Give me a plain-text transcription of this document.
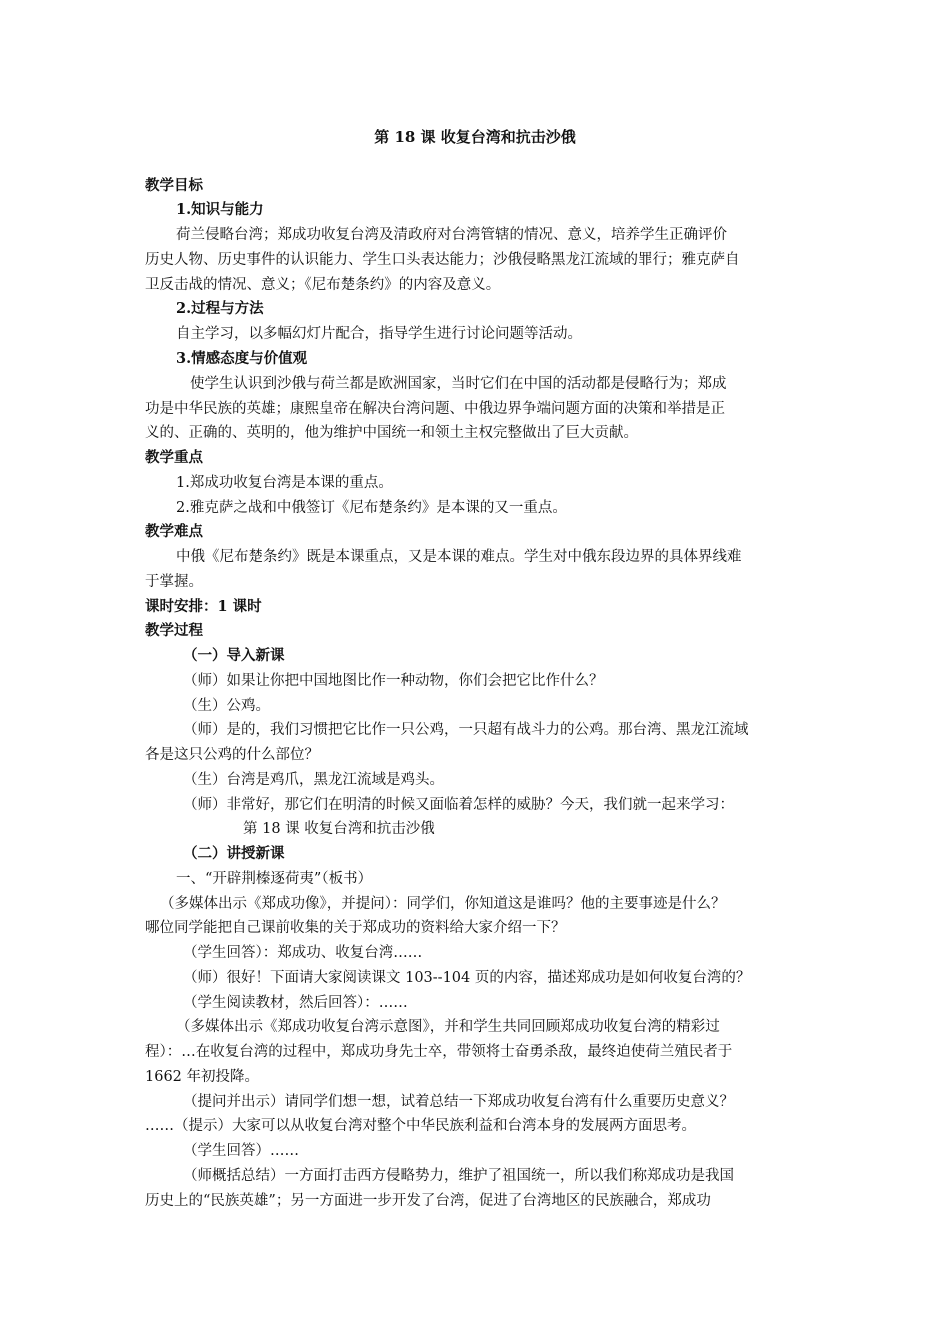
第 18 课 收复台湾和抗击沙俄
教学目标
1.知识与能力
荷兰侵略台湾；郑成功收复台湾及清政府对台湾管辖的情况、意义，培养学生正确评价
历史人物、历史事件的认识能力、学生口头表达能力；沙俄侵略黑龙江流域的罪行；雅克萨自
卫反击战的情况、意义；《尼布楚条约》的内容及意义。
2.过程与方法
自主学习，以多幅幻灯片配合，指导学生进行讨论问题等活动。
3.情感态度与价值观
使学生认识到沙俄与荷兰都是欧洲国家，当时它们在中国的活动都是侵略行为；郑成
功是中华民族的英雄；康熙皇帝在解决台湾问题、中俄边界争端问题方面的决策和举措是正
义的、正确的、英明的，他为维护中国统一和领土主权完整做出了巨大贡献。
教学重点
1.郑成功收复台湾是本课的重点。
2.雅克萨之战和中俄签订《尼布楚条约》是本课的又一重点。
教学难点
中俄《尼布楚条约》既是本课重点，又是本课的难点。学生对中俄东段边界的具体界线难
于掌握。
课时安排：1 课时
教学过程
（一）导入新课
（师）如果让你把中国地图比作一种动物，你们会把它比作什么？
（生）公鸡。
（师）是的，我们习惯把它比作一只公鸡，一只超有战斗力的公鸡。那台湾、黑龙江流域
各是这只公鸡的什么部位？
（生）台湾是鸡爪，黑龙江流域是鸡头。
（师）非常好，那它们在明清的时候又面临着怎样的威胁？今天，我们就一起来学习：
第 18 课 收复台湾和抗击沙俄
（二）讲授新课
一、“开辟荆榛逐荷夷”（板书）
（多媒体出示《郑成功像》，并提问）：同学们，你知道这是谁吗？他的主要事迹是什么？
哪位同学能把自己课前收集的关于郑成功的资料给大家介绍一下？
（学生回答）：郑成功、收复台湾……
（师）很好！下面请大家阅读课文 103--104 页的内容，描述郑成功是如何收复台湾的？
（学生阅读教材，然后回答）：……
（多媒体出示《郑成功收复台湾示意图》，并和学生共同回顾郑成功收复台湾的精彩过
程）：…在收复台湾的过程中，郑成功身先士卒，带领将士奋勇杀敌，最终迫使荷兰殖民者于
1662 年初投降。
（提问并出示）请同学们想一想，试着总结一下郑成功收复台湾有什么重要历史意义？
……（提示）大家可以从收复台湾对整个中华民族利益和台湾本身的发展两方面思考。
（学生回答）……
（师概括总结）一方面打击西方侵略势力，维护了祖国统一，所以我们称郑成功是我国
历史上的“民族英雄”；另一方面进一步开发了台湾，促进了台湾地区的民族融合，郑成功
